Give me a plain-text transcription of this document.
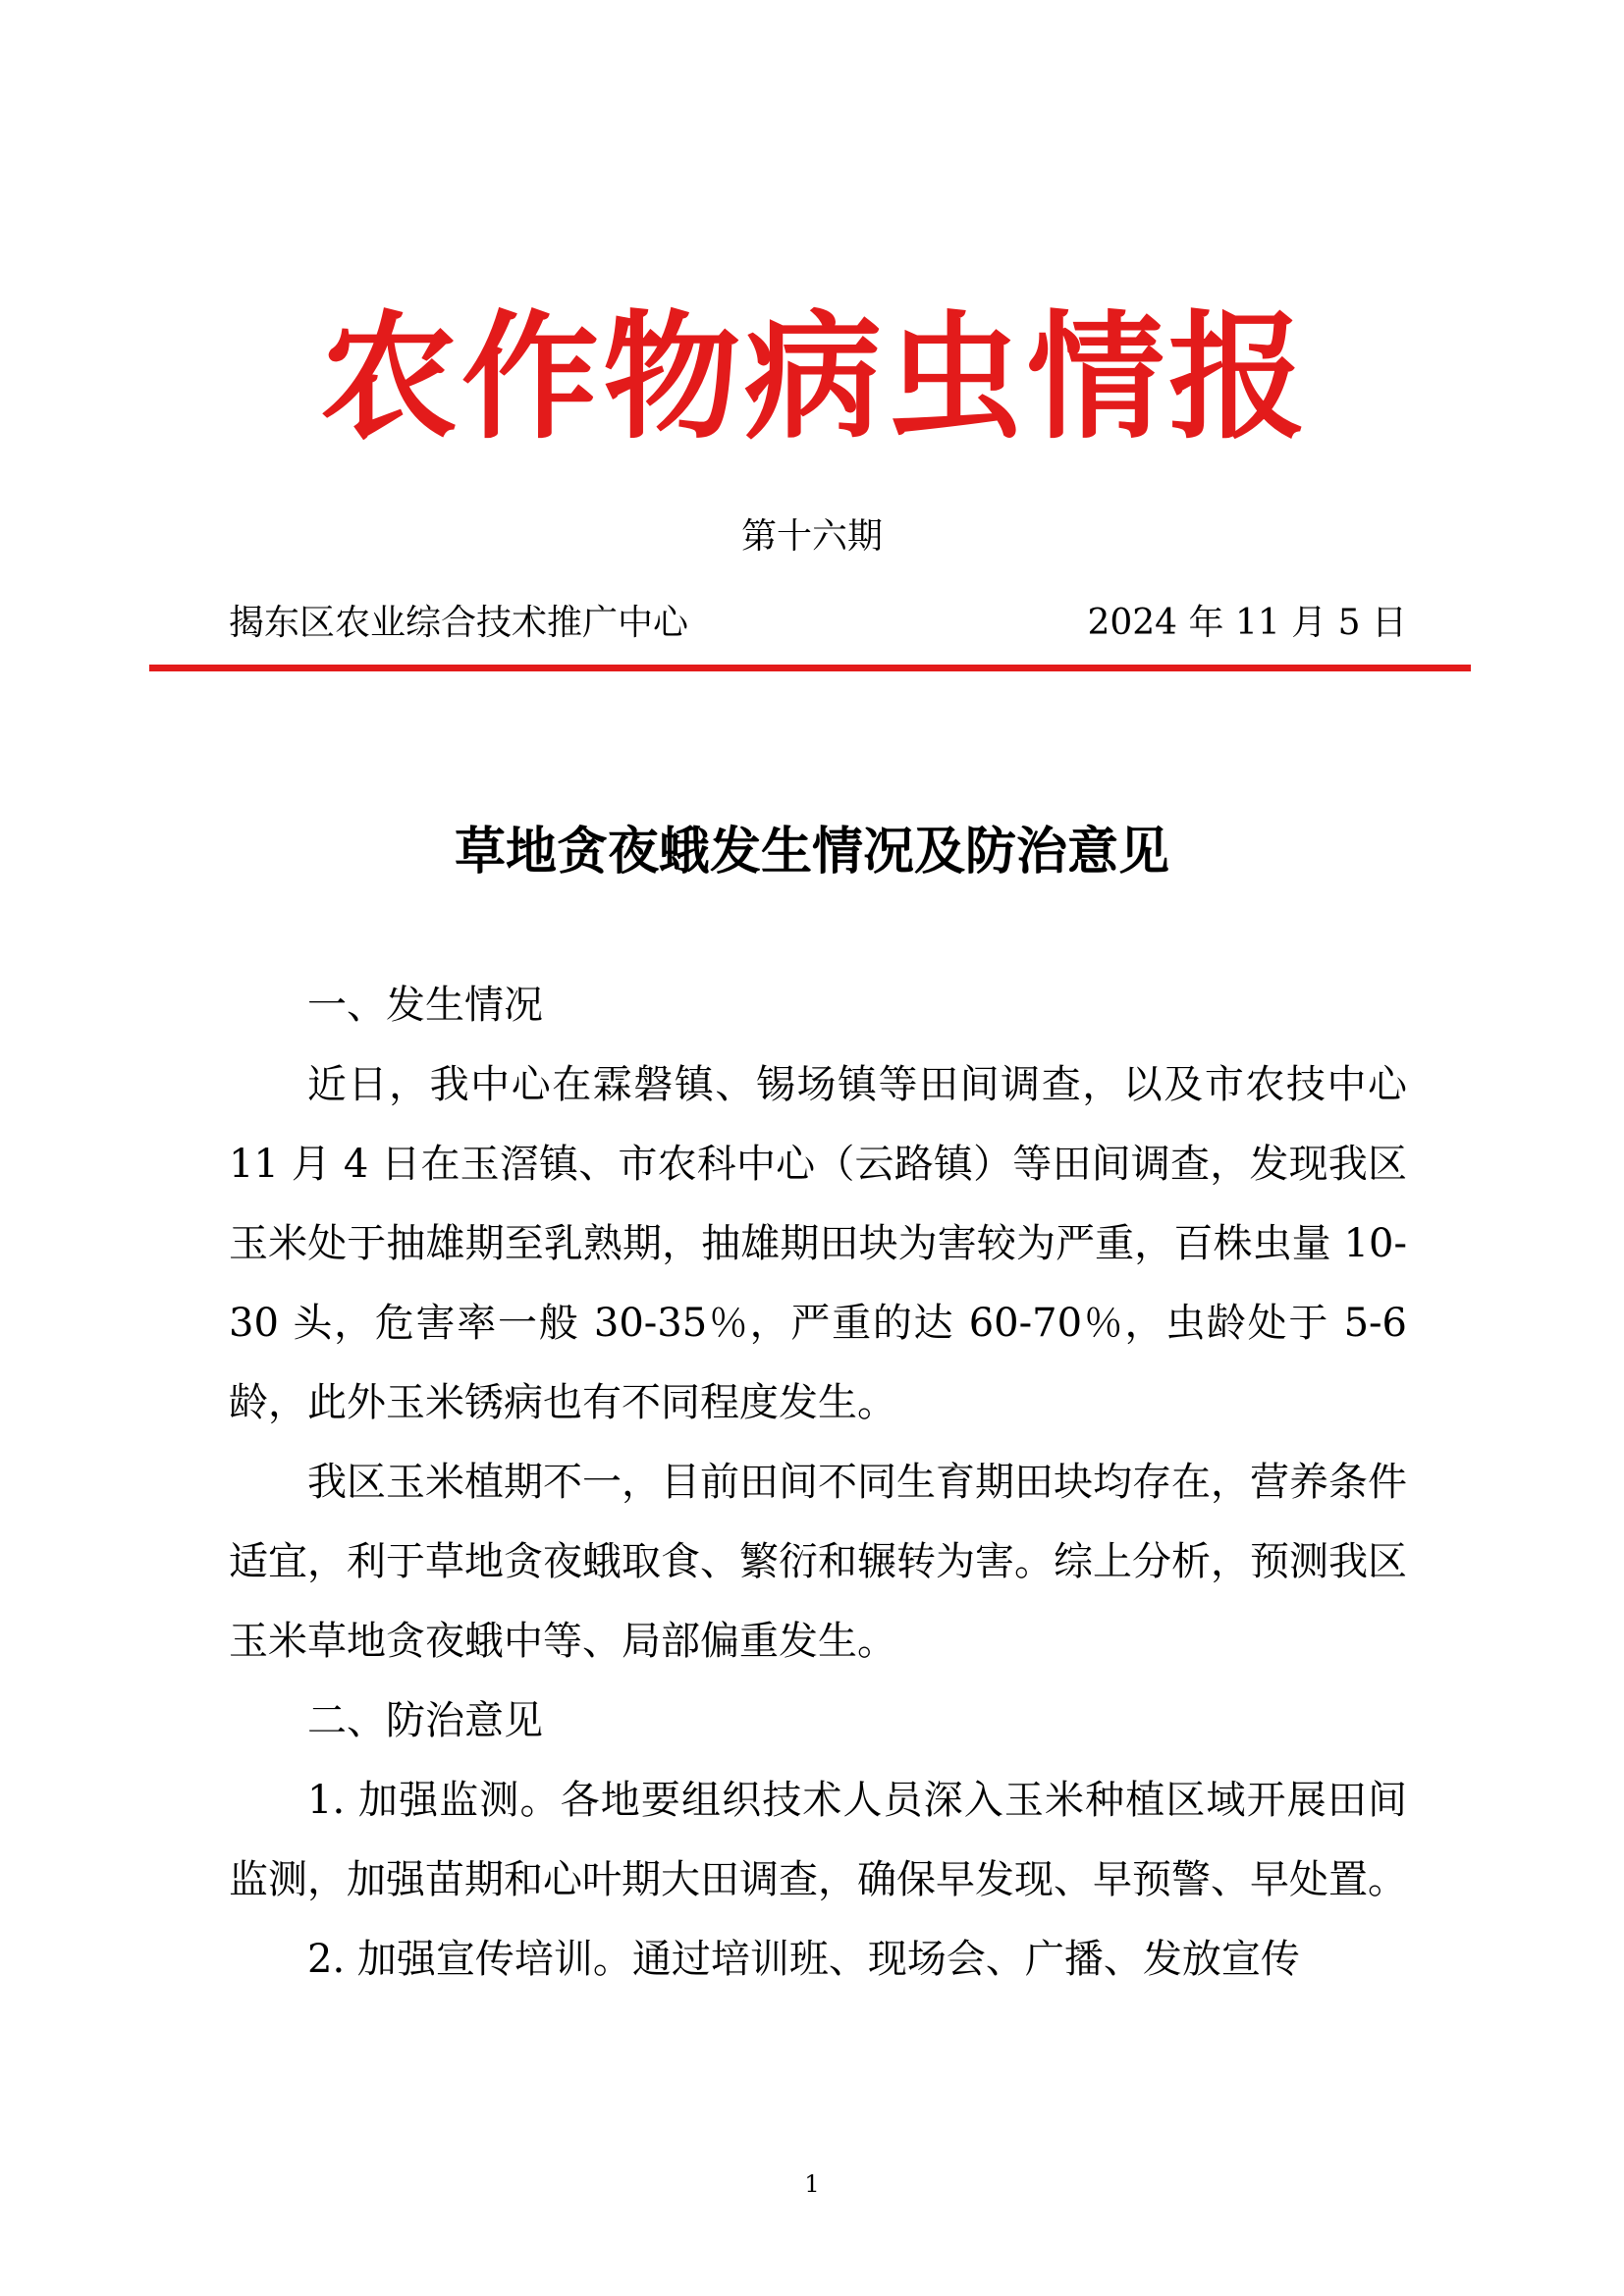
农作物病虫情报
第十六期
揭东区农业综合技术推广中心	2024 年 11 月 5 日
草地贪夜蛾发生情况及防治意见

一、发生情况

近日，我中心在霖磐镇、锡场镇等田间调查，以及市农技中心 11 月 4 日在玉滘镇、市农科中心（云路镇）等田间调查，发现我区玉米处于抽雄期至乳熟期，抽雄期田块为害较为严重，百株虫量 10-30 头，危害率一般 30-35％，严重的达 60-70％，虫龄处于 5-6 龄，此外玉米锈病也有不同程度发生。

我区玉米植期不一，目前田间不同生育期田块均存在，营养条件适宜，利于草地贪夜蛾取食、繁衍和辗转为害。综上分析，预测我区玉米草地贪夜蛾中等、局部偏重发生。

二、防治意见

1. 加强监测。各地要组织技术人员深入玉米种植区域开展田间监测，加强苗期和心叶期大田调查，确保早发现、早预警、早处置。

2. 加强宣传培训。通过培训班、现场会、广播、发放宣传

1
